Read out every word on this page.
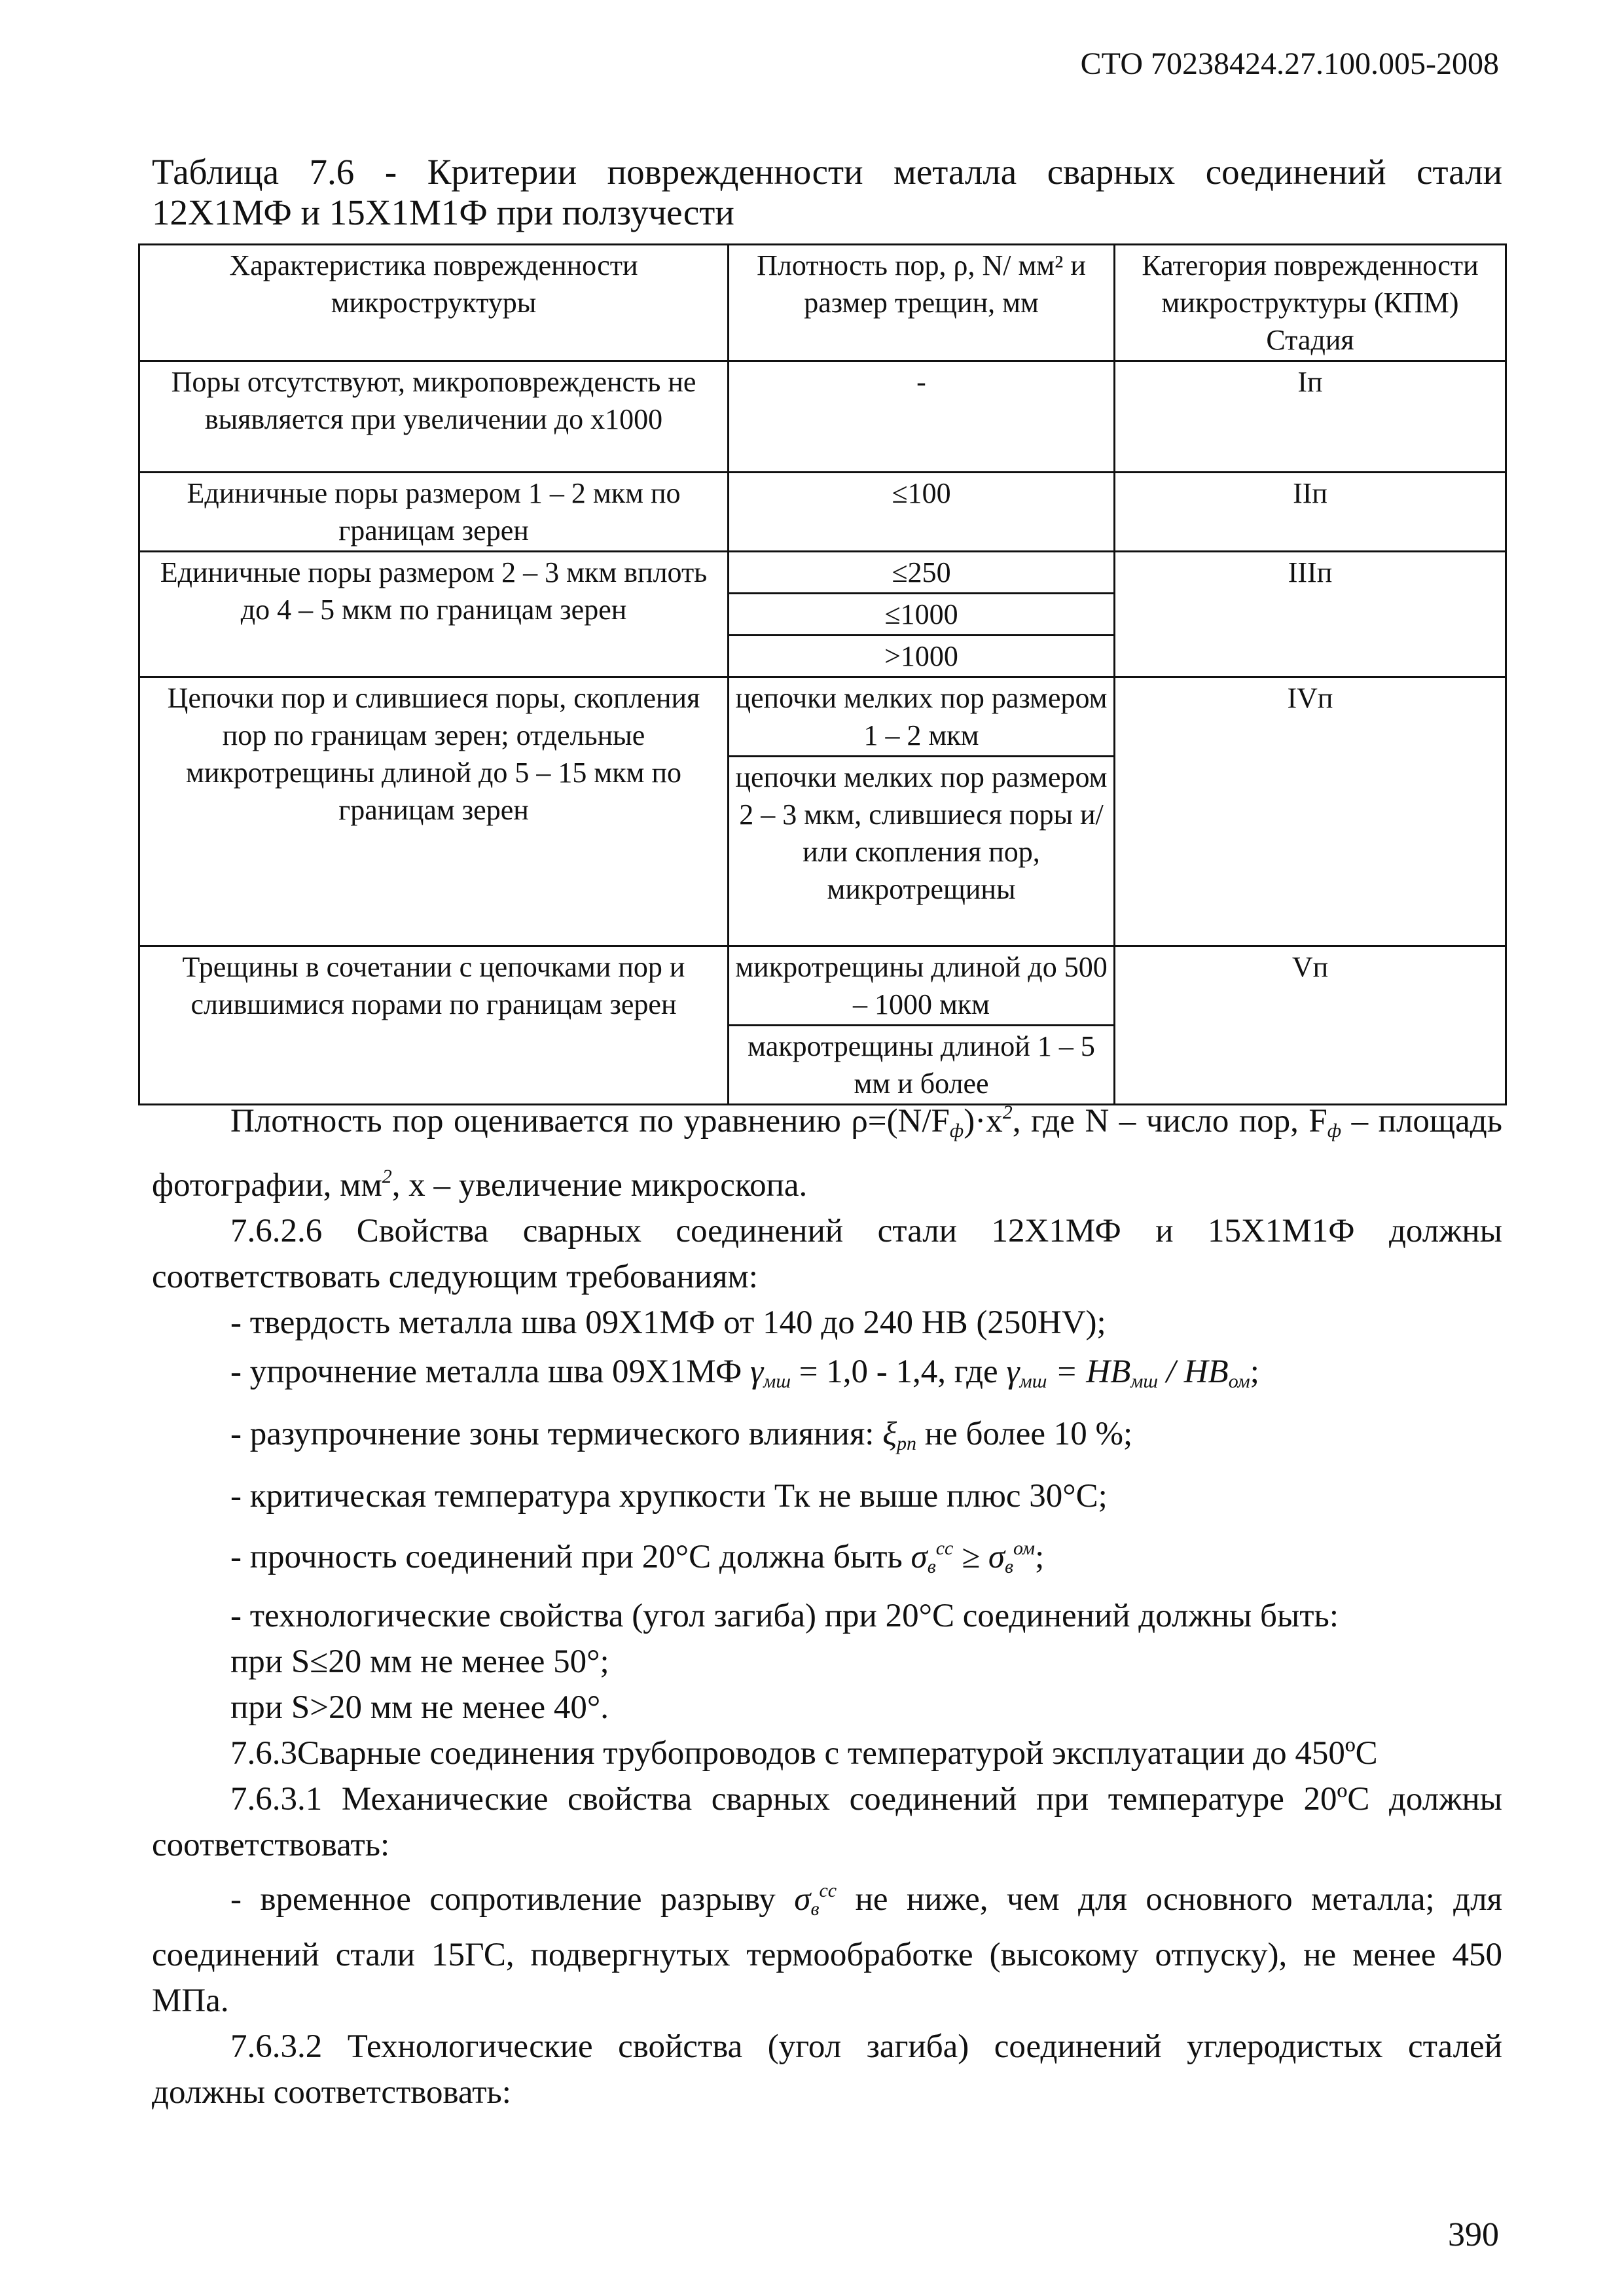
СТО 70238424.27.100.005-2008
Таблица 7.6 - Критерии поврежденности металла сварных соединений стали
12Х1МФ и 15Х1М1Ф при ползучести
Характеристика поврежденности микроструктуры	Плотность пор, ρ, N/ мм² и размер трещин, мм	Категория поврежденности микроструктуры (КПМ) Стадия
Поры отсутствуют, микроповрежденсть не выявляется при увеличении до х1000	-	Iп
Единичные поры размером 1 – 2 мкм по границам зерен	≤100	IIп
Единичные поры размером 2 – 3 мкм вплоть до 4 – 5 мкм по границам зерен	≤250	IIIп
	≤1000	
	>1000	
Цепочки пор и слившиеся поры, скопления пор по границам зерен; отдельные микротрещины длиной до 5 – 15 мкм по границам зерен	цепочки мелких пор размером 1 – 2 мкм	IVп
	цепочки мелких пор размером 2 – 3 мкм, слившиеся поры и/или скопления пор, микротрещины	
Трещины в сочетании с цепочками пор и слившимися порами по границам зерен	микротрещины длиной до 500 – 1000 мкм	Vп
	макротрещины длиной 1 – 5 мм и более	

Плотность пор оценивается по уравнению $\rho=(N/F_ф)\cdot x^2$, где N – число пор, $F_ф$ – площадь фотографии, $мм^2$, x – увеличение микроскопа.

7.6.2.6 Свойства сварных соединений стали 12Х1МФ и 15Х1М1Ф должны соответствовать следующим требованиям:

- твердость металла шва 09Х1МФ от 140 до 240 НВ (250HV);

- упрочнение металла шва 09Х1МФ $\gamma_{мш} = 1,0 - 1,4$, где $\gamma_{мш} = HB_{мш} / HB_{ом}$;

- разупрочнение зоны термического влияния: $\xi_{рп}$ не более 10 %;

- критическая температура хрупкости Тк не выше плюс 30°С;

- прочность соединений при 20°С должна быть $\sigma_в^{сс} \ge \sigma_в^{ом}$;

- технологические свойства (угол загиба) при 20°С соединений должны быть:

при S≤20 мм не менее 50°;

при S>20 мм не менее 40°.

7.6.3Сварные соединения трубопроводов с температурой эксплуатации до 450ºС

7.6.3.1 Механические свойства сварных соединений при температуре 20ºС должны соответствовать:

- временное сопротивление разрыву $\sigma_в^{сс}$ не ниже, чем для основного металла; для соединений стали 15ГС, подвергнутых термообработке (высокому отпуску), не менее 450 МПа.

7.6.3.2 Технологические свойства (угол загиба) соединений углеродистых сталей должны соответствовать:

390
